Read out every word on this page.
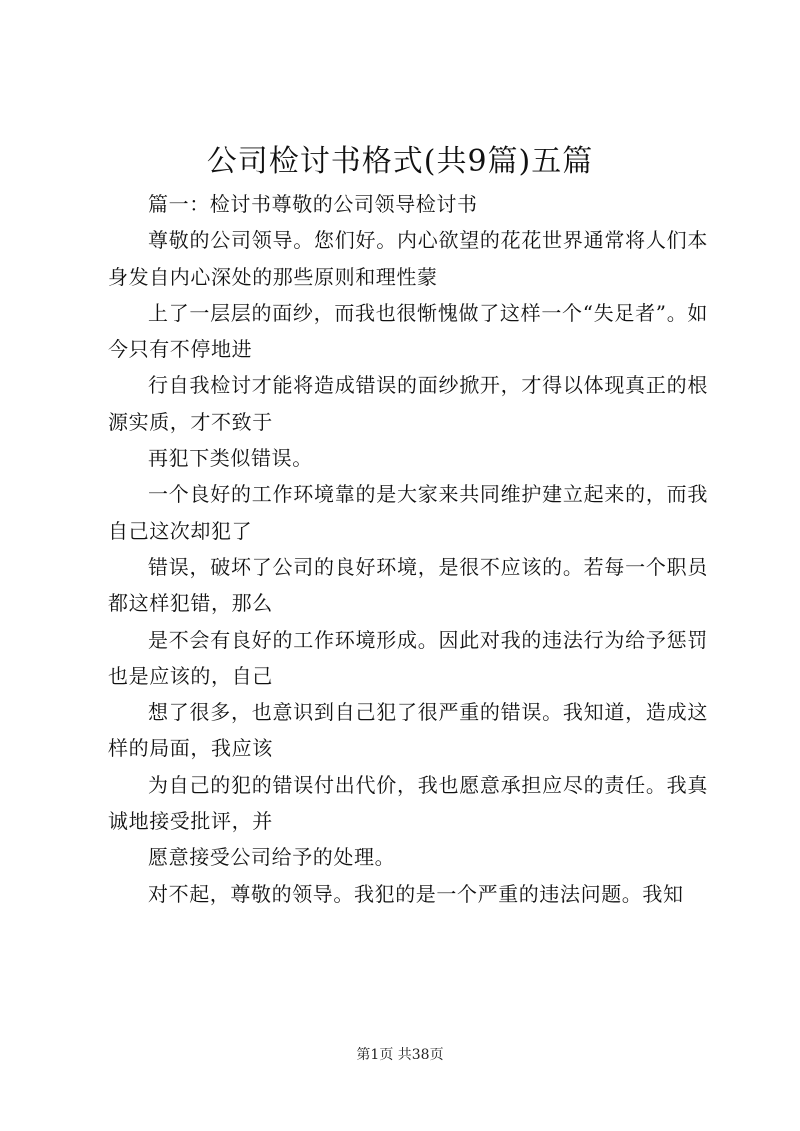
公司检讨书格式(共9篇)五篇

篇一：检讨书尊敬的公司领导检讨书

尊敬的公司领导。您们好。内心欲望的花花世界通常将人们本身发自内心深处的那些原则和理性蒙

上了一层层的面纱，而我也很惭愧做了这样一个“失足者”。如今只有不停地进

行自我检讨才能将造成错误的面纱掀开，才得以体现真正的根源实质，才不致于

再犯下类似错误。

一个良好的工作环境靠的是大家来共同维护建立起来的，而我自己这次却犯了

错误，破坏了公司的良好环境，是很不应该的。若每一个职员都这样犯错，那么

是不会有良好的工作环境形成。因此对我的违法行为给予惩罚也是应该的，自己

想了很多，也意识到自己犯了很严重的错误。我知道，造成这样的局面，我应该

为自己的犯的错误付出代价，我也愿意承担应尽的责任。我真诚地接受批评，并

愿意接受公司给予的处理。

对不起，尊敬的领导。我犯的是一个严重的违法问题。我知

第1页 共38页
